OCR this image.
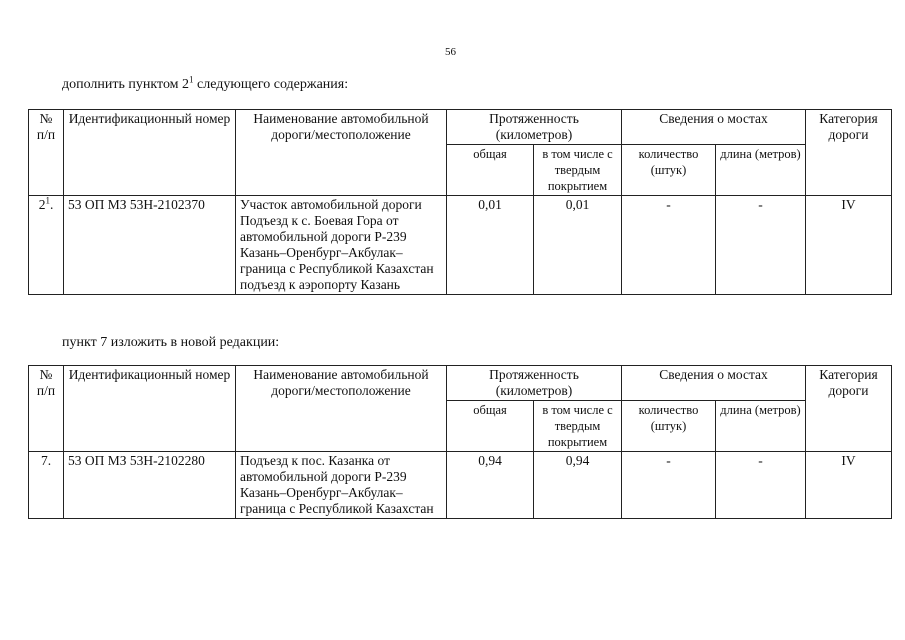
56
дополнить пунктом $2^1$ следующего содержания:
№
п/п	Идентификационный номер	Наименование автомобильной дороги/местоположение	Протяженность (километров)		Сведения о мостах		Категория дороги
			общая	в том числе с твердым покрытием	количество (штук)	длина (метров)	
$2^1$.	53 ОП МЗ 53Н-2102370	Участок автомобильной дороги Подъезд к с. Боевая Гора от автомобильной дороги Р-239 Казань–Оренбург–Акбулак–граница с Республикой Казахстан подъезд к аэропорту Казань	0,01	0,01	-	-	IV
пункт 7 изложить в новой редакции:
№
п/п	Идентификационный номер	Наименование автомобильной дороги/местоположение	Протяженность (километров)		Сведения о мостах		Категория дороги
			общая	в том числе с твердым покрытием	количество (штук)	длина (метров)	
7.	53 ОП МЗ 53Н-2102280	Подъезд к пос. Казанка от автомобильной дороги Р-239 Казань–Оренбург–Акбулак–граница с Республикой Казахстан	0,94	0,94	-	-	IV
